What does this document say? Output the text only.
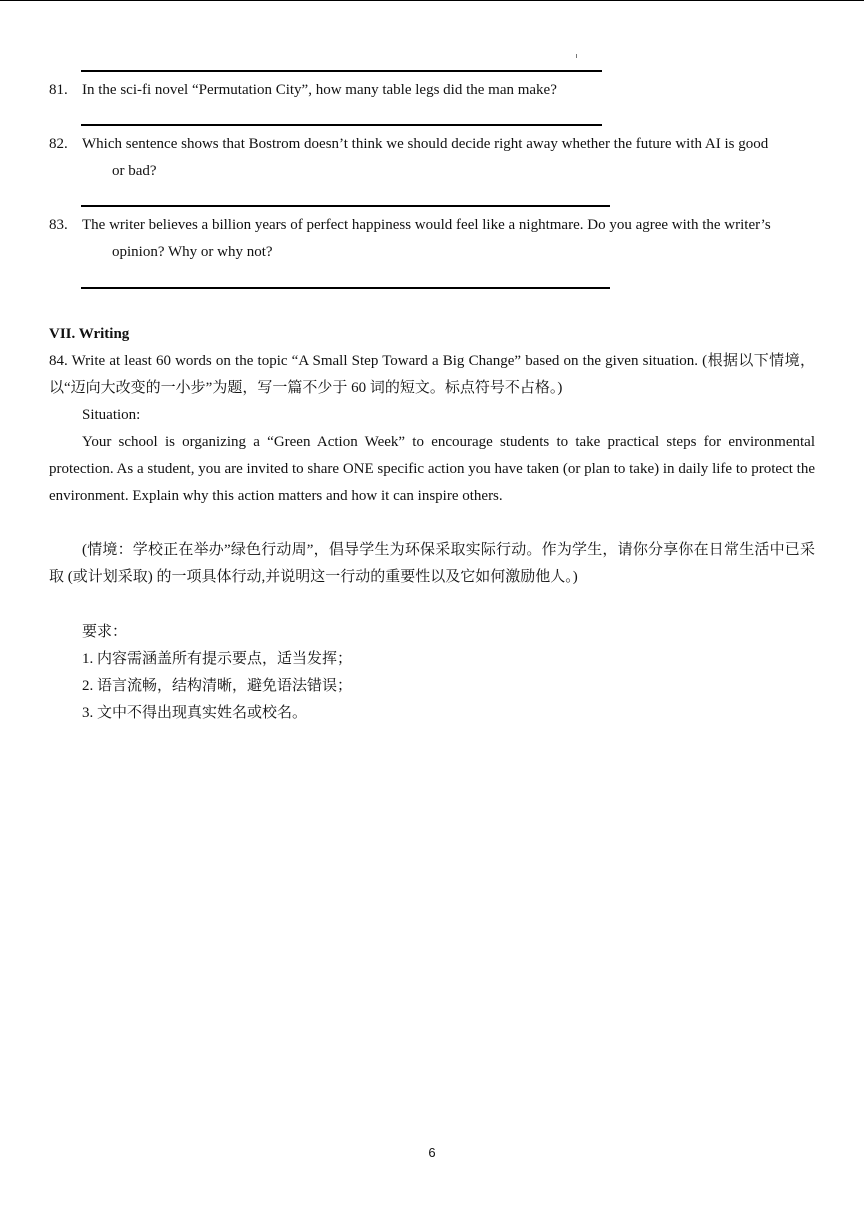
81. In the sci-fi novel “Permutation City”, how many table legs did the man make?
82. Which sentence shows that Bostrom doesn’t think we should decide right away whether the future with AI is good
or bad?
83. The writer believes a billion years of perfect happiness would feel like a nightmare. Do you agree with the writer’s
opinion? Why or why not?
VII. Writing
84. Write at least 60 words on the topic “A Small Step Toward a Big Change” based on the given situation. (根据以下情境，以“迈向大改变的一小步”为题，写一篇不少于 60 词的短文。标点符号不占格。)
Situation:
Your school is organizing a “Green Action Week” to encourage students to take practical steps for environmental protection. As a student, you are invited to share ONE specific action you have taken (or plan to take) in daily life to protect the environment. Explain why this action matters and how it can inspire others.
(情境：学校正在举办”绿色行动周”，倡导学生为环保采取实际行动。作为学生，请你分享你在日常生活中已采取 (或计划采取) 的一项具体行动,并说明这一行动的重要性以及它如何激励他人。)
要求：
1. 内容需涵盖所有提示要点，适当发挥；
2. 语言流畅，结构清晰，避免语法错误；
3. 文中不得出现真实姓名或校名。
6
